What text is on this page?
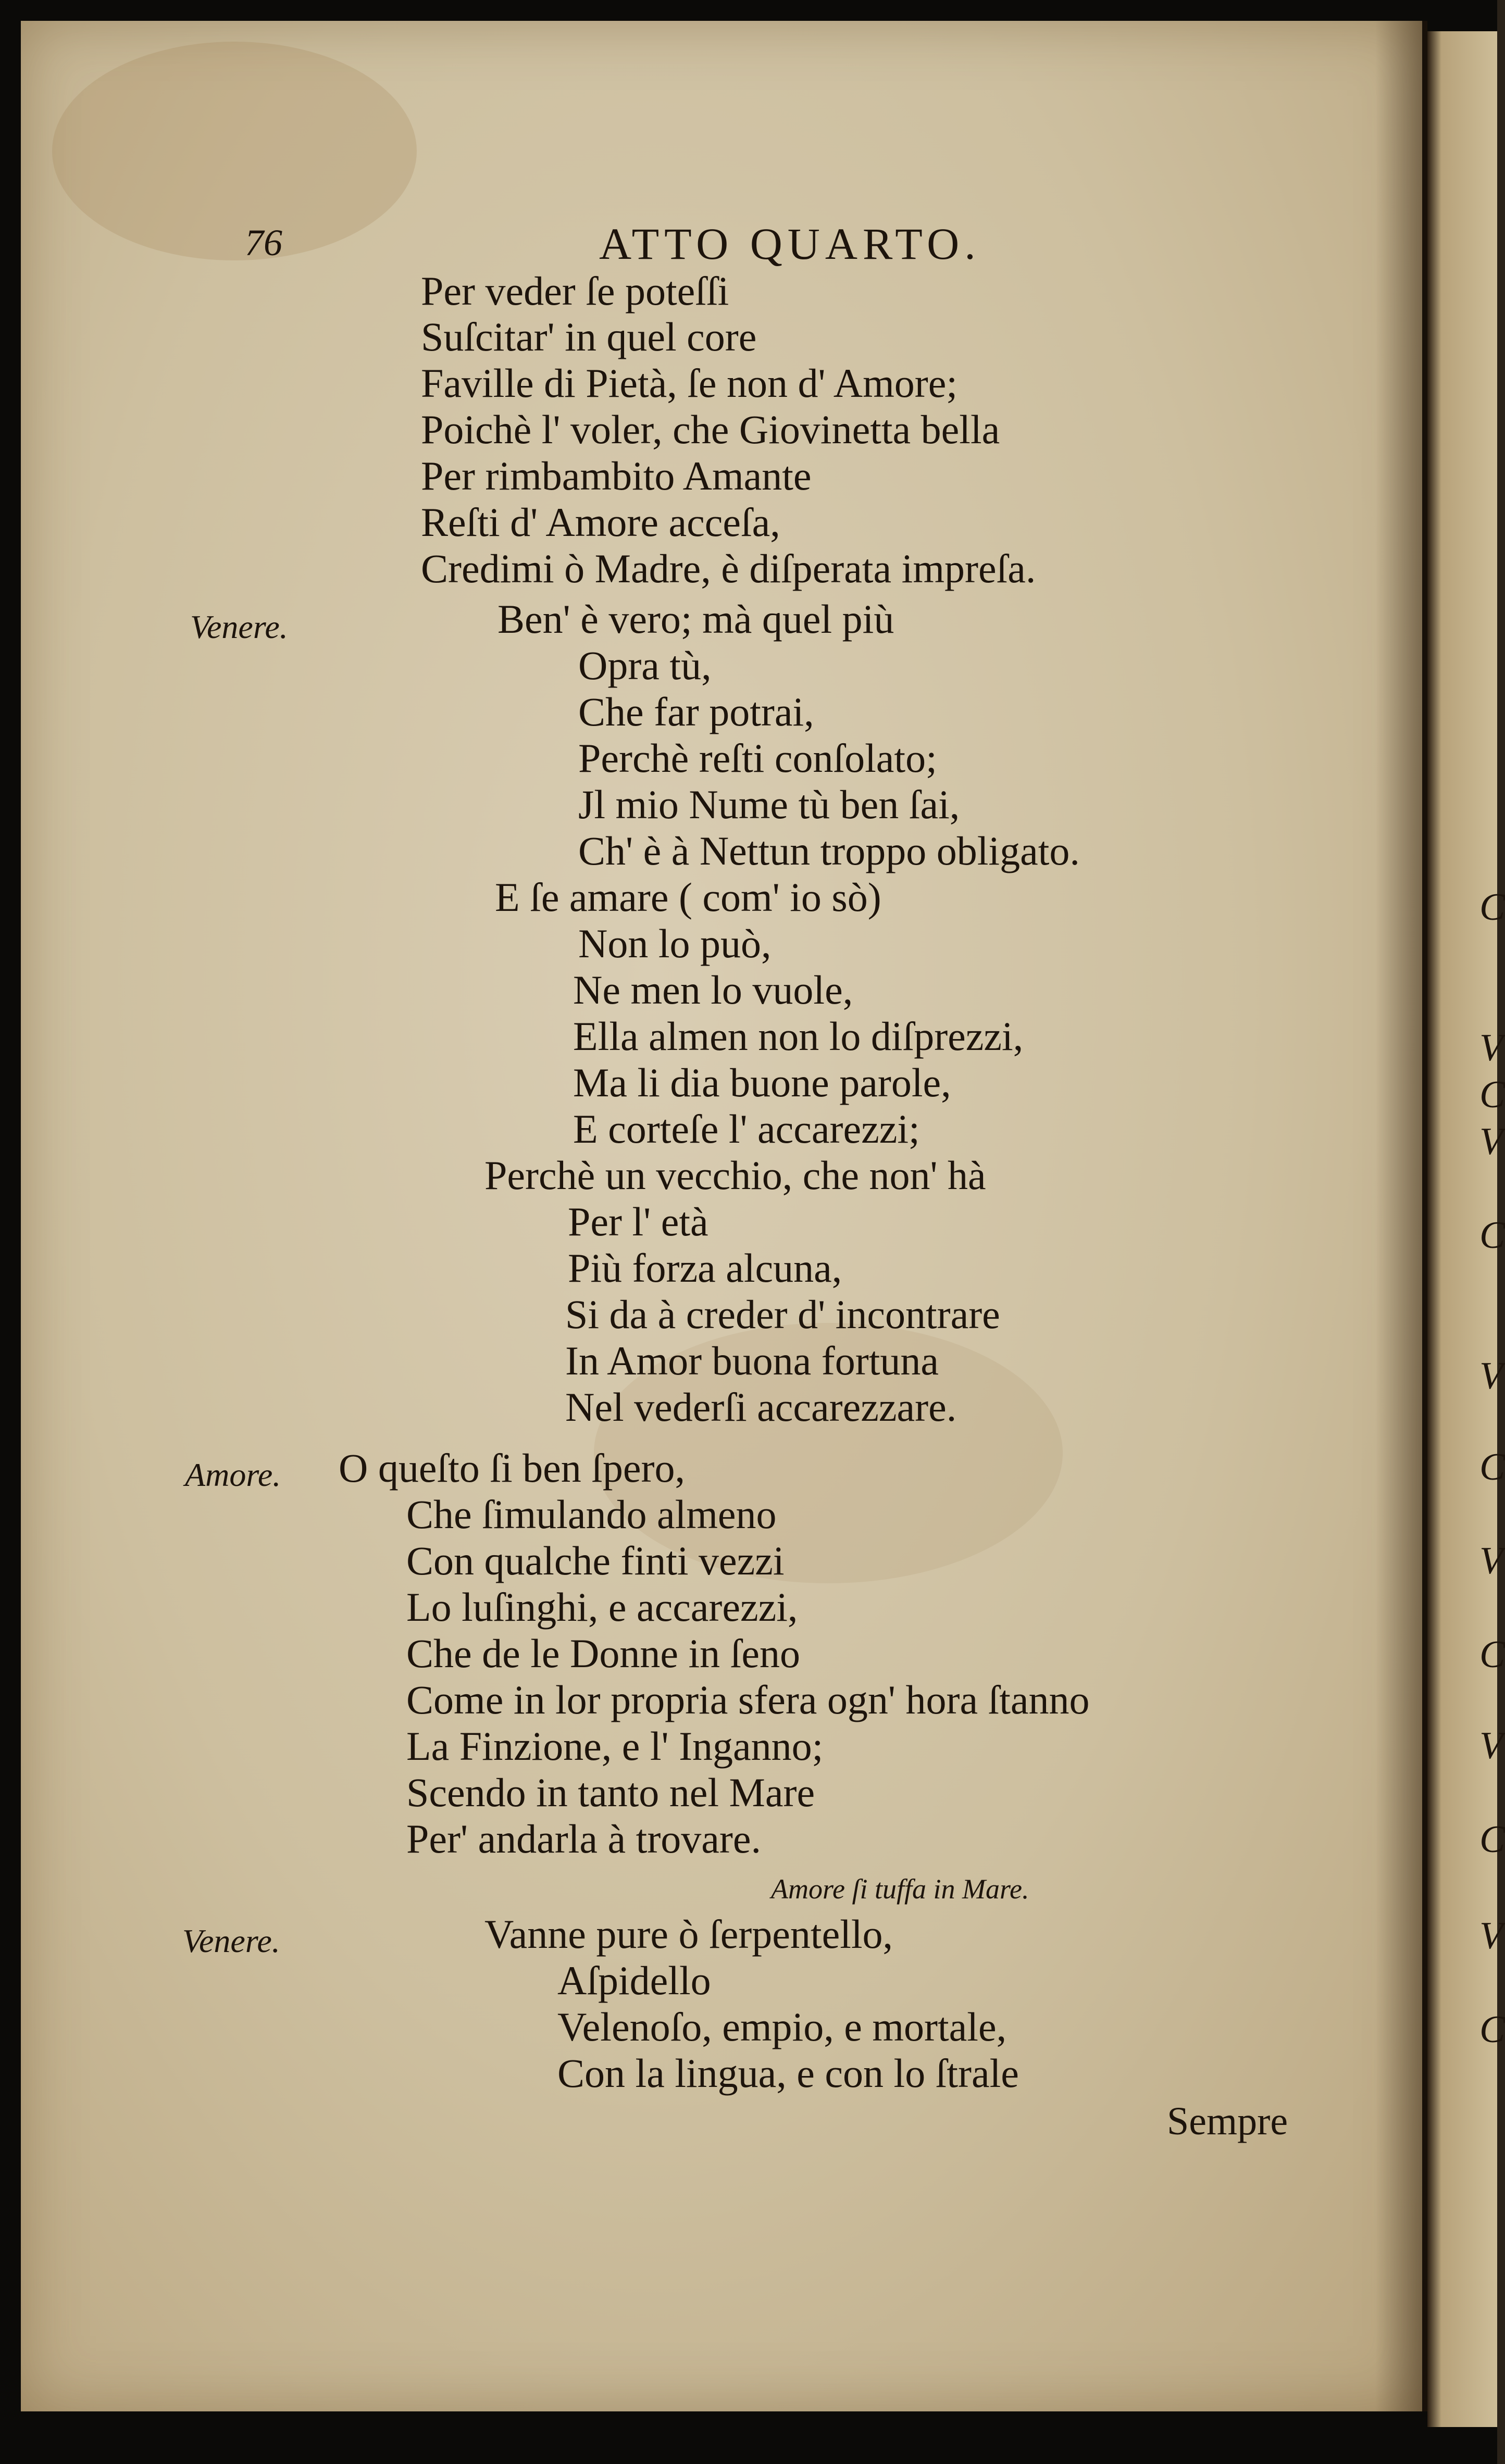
76	ATTO QUARTO.
Per veder ſe poteſſi
Suſcitar' in quel core
Faville di Pietà, ſe non d' Amore;
Poichè l' voler, che Giovinetta bella
Per rimbambito Amante
Reſti d' Amore acceſa,
Credimi ò Madre, è diſperata impreſa.
Venere.	Ben' è vero; mà quel più
Opra tù,
Che far potrai,
Perchè reſti conſolato;
Jl mio Nume tù ben ſai,
Ch' è à Nettun troppo obligato.
E ſe amare ( com' io sò)
Non lo può,
Ne men lo vuole,
Ella almen non lo diſprezzi,
Ma li dia buone parole,
E corteſe l' accarezzi;
Perchè un vecchio, che non' hà
Per l' età
Più forza alcuna,
Si da à creder d' incontrare
In Amor buona fortuna
Nel vederſi accarezzare.
Amore. O queſto ſi ben ſpero,
Che ſimulando almeno
Con qualche finti vezzi
Lo luſinghi, e accarezzi,
Che de le Donne in ſeno
Come in lor propria sfera ogn' hora ſtanno
La Finzione, e l' Inganno;
Scendo in tanto nel Mare
Per' andarla à trovare.
Amore ſi tuffa in Mare.
Venere.	Vanne pure ò ſerpentello,
Aſpidello
Velenoſo, empio, e mortale,
Con la lingua, e con lo ſtrale
Sempre
C
V
C
V
C
V
C
V
C
V
C
V
C
